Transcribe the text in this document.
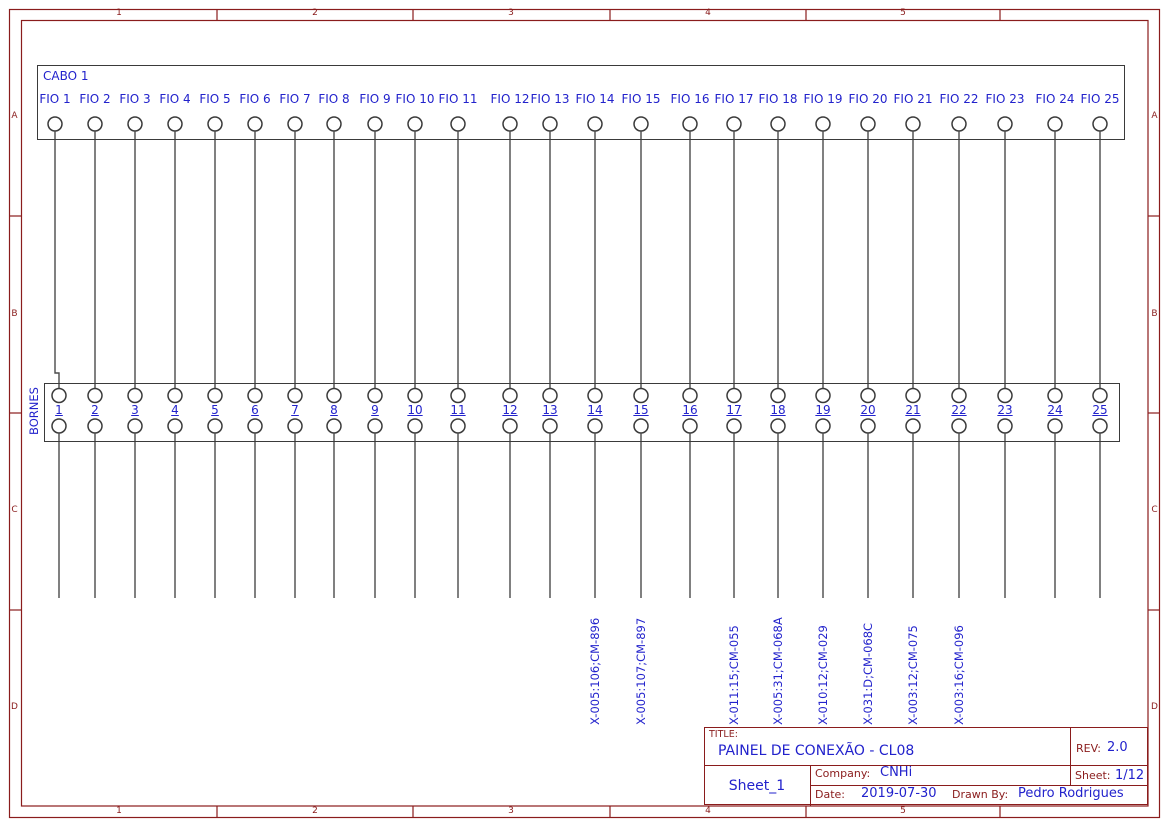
1
1
2
2
3
3
4
4
5
5
A	A
B	B
C	C
D	D
CABO 1
FIO 1 FIO 2 FIO 3 FIO 4 FIO 5 FIO 6 FIO 7 FIO 8 FIO 9 FIO 10 FIO 11	FIO 12 FIO 13 FIO 14 FIO 15 FIO 16 FIO 17 FIO 18 FIO 19 FIO 20 FIO 21 FIO 22 FIO 23 FIO 24 FIO 25
BORNES	1	2	3	4	5	6	7	8	9	10	11	12	13	14	15	16	17	18	19	20	21	22	23	24	25
X-005:106;CM-896	X-005:107;CM-897	X-011:15;CM-055	X-005:31;CM-068A	X-010:12;CM-029	X-031:D;CM-068C	X-003:12;CM-075	X-003:16;CM-096
TITLE:
PAINEL DE CONEXÃO - CL08	REV: 2.0
Sheet_1
Company: CNHi	Sheet: 1/12
Date: 2019-07-30 Drawn By: Pedro Rodrigues
